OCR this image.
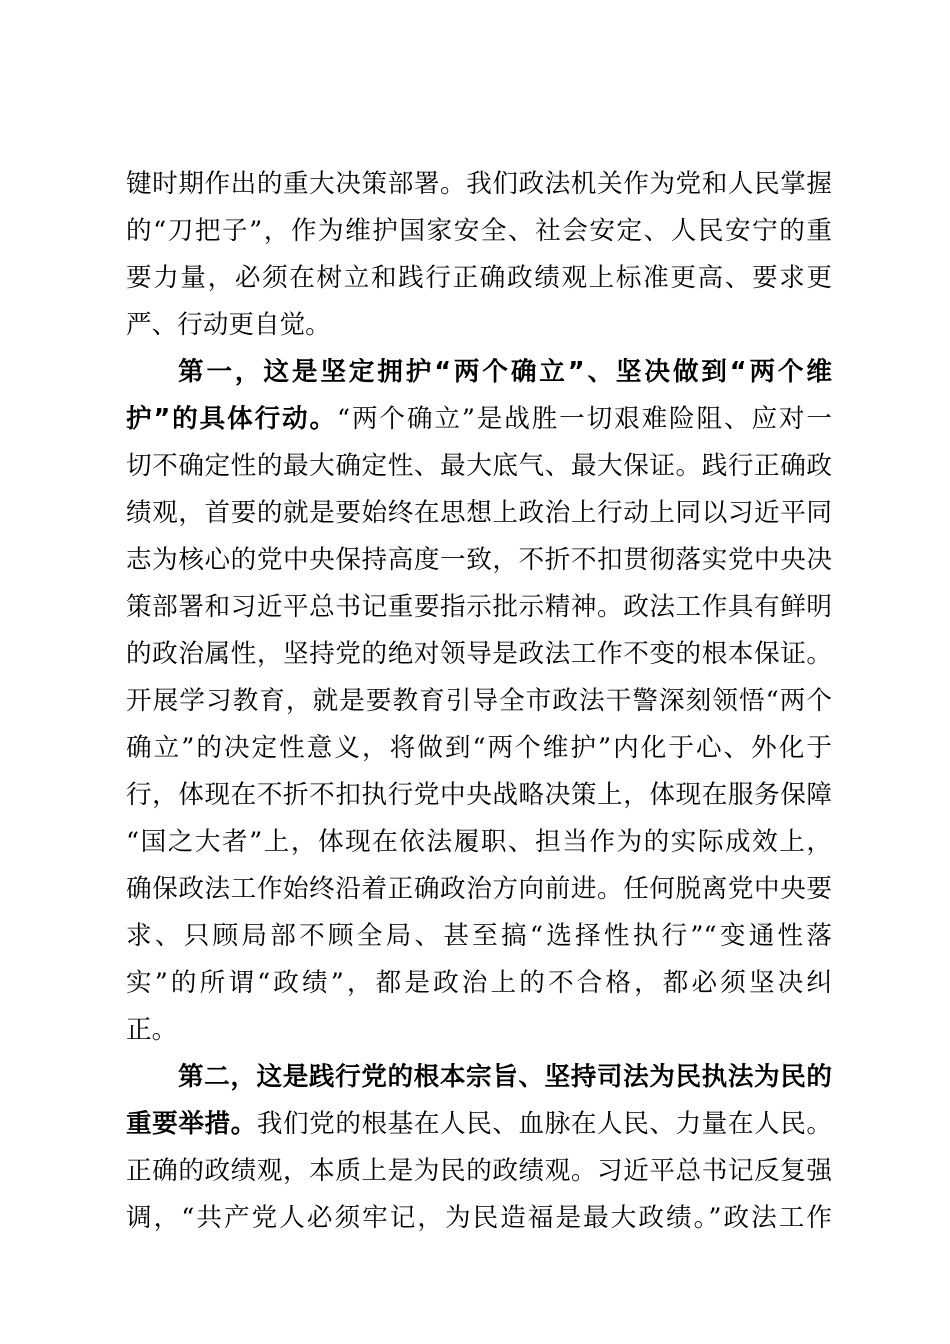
键时期作出的重大决策部署。我们政法机关作为党和人民掌握
的“刀把子”，作为维护国家安全、社会安定、人民安宁的重
要力量，必须在树立和践行正确政绩观上标准更高、要求更
严、行动更自觉。
第一，这是坚定拥护“两个确立”、坚决做到“两个维
护”的具体行动。“两个确立”是战胜一切艰难险阻、应对一
切不确定性的最大确定性、最大底气、最大保证。践行正确政
绩观，首要的就是要始终在思想上政治上行动上同以习近平同
志为核心的党中央保持高度一致，不折不扣贯彻落实党中央决
策部署和习近平总书记重要指示批示精神。政法工作具有鲜明
的政治属性，坚持党的绝对领导是政法工作不变的根本保证。
开展学习教育，就是要教育引导全市政法干警深刻领悟“两个
确立”的决定性意义，将做到“两个维护”内化于心、外化于
行，体现在不折不扣执行党中央战略决策上，体现在服务保障
“国之大者”上，体现在依法履职、担当作为的实际成效上，
确保政法工作始终沿着正确政治方向前进。任何脱离党中央要
求、只顾局部不顾全局、甚至搞“选择性执行”“变通性落
实”的所谓“政绩”，都是政治上的不合格，都必须坚决纠
正。
第二，这是践行党的根本宗旨、坚持司法为民执法为民的
重要举措。我们党的根基在人民、血脉在人民、力量在人民。
正确的政绩观，本质上是为民的政绩观。习近平总书记反复强
调，“共产党人必须牢记，为民造福是最大政绩。”政法工作
